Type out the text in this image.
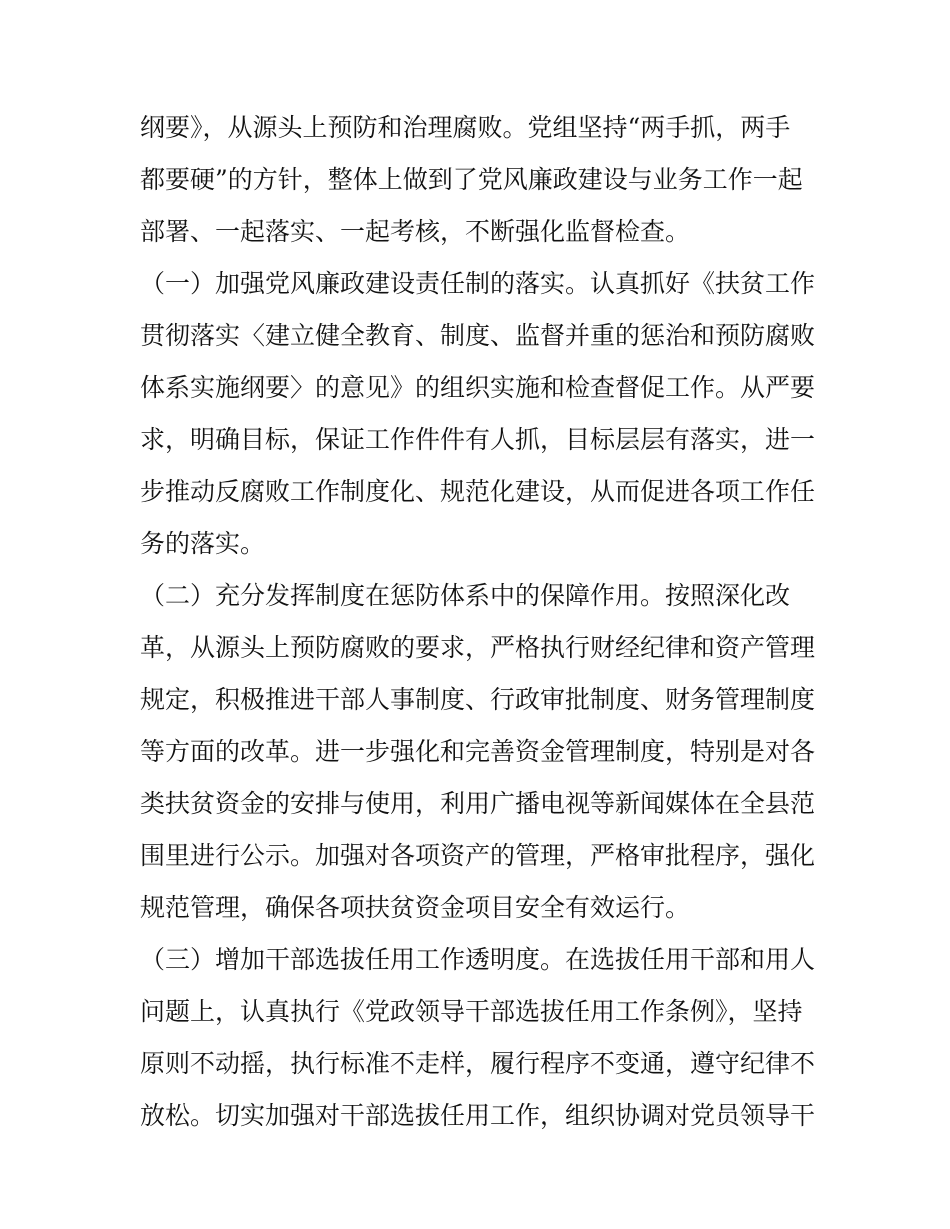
纲要》，从源头上预防和治理腐败。党组坚持“两手抓，两手
都要硬”的方针，整体上做到了党风廉政建设与业务工作一起
部署、一起落实、一起考核，不断强化监督检查。
（一）加强党风廉政建设责任制的落实。认真抓好《扶贫工作
贯彻落实〈建立健全教育、制度、监督并重的惩治和预防腐败
体系实施纲要〉的意见》的组织实施和检查督促工作。从严要
求，明确目标，保证工作件件有人抓，目标层层有落实，进一
步推动反腐败工作制度化、规范化建设，从而促进各项工作任
务的落实。
（二）充分发挥制度在惩防体系中的保障作用。按照深化改
革，从源头上预防腐败的要求，严格执行财经纪律和资产管理
规定，积极推进干部人事制度、行政审批制度、财务管理制度
等方面的改革。进一步强化和完善资金管理制度，特别是对各
类扶贫资金的安排与使用，利用广播电视等新闻媒体在全县范
围里进行公示。加强对各项资产的管理，严格审批程序，强化
规范管理，确保各项扶贫资金项目安全有效运行。
（三）增加干部选拔任用工作透明度。在选拔任用干部和用人
问题上，认真执行《党政领导干部选拔任用工作条例》，坚持
原则不动摇，执行标准不走样，履行程序不变通，遵守纪律不
放松。切实加强对干部选拔任用工作，组织协调对党员领导干
